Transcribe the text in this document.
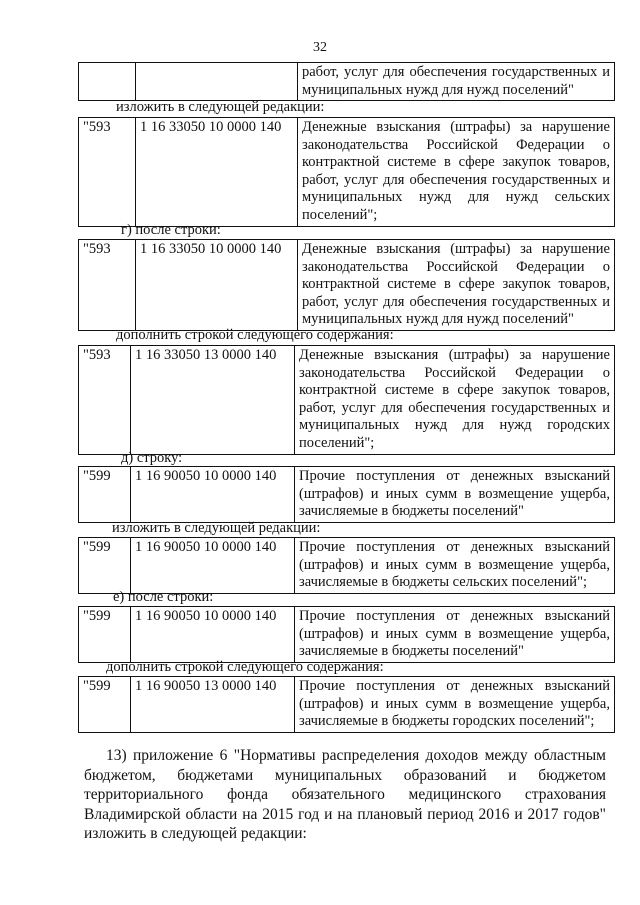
32
		работ, услуг для обеспечения государственных и муниципальных нужд для нужд поселений"
изложить в следующей редакции:
"593	1 16 33050 10 0000 140	Денежные взыскания (штрафы) за нарушение законодательства Российской Федерации о контрактной системе в сфере закупок товаров, работ, услуг для обеспечения государственных и муниципальных нужд для нужд сельских поселений";
г) после строки:
"593	1 16 33050 10 0000 140	Денежные взыскания (штрафы) за нарушение законодательства Российской Федерации о контрактной системе в сфере закупок товаров, работ, услуг для обеспечения государственных и муниципальных нужд для нужд поселений"
дополнить строкой следующего содержания:
"593	1 16 33050 13 0000 140	Денежные взыскания (штрафы) за нарушение законодательства Российской Федерации о контрактной системе в сфере закупок товаров, работ, услуг для обеспечения государственных и муниципальных нужд для нужд городских поселений";
д) строку:
"599	1 16 90050 10 0000 140	Прочие поступления от денежных взысканий (штрафов) и иных сумм в возмещение ущерба, зачисляемые в бюджеты поселений"
изложить в следующей редакции:
"599	1 16 90050 10 0000 140	Прочие поступления от денежных взысканий (штрафов) и иных сумм в возмещение ущерба, зачисляемые в бюджеты сельских поселений";
е) после строки:
"599	1 16 90050 10 0000 140	Прочие поступления от денежных взысканий (штрафов) и иных сумм в возмещение ущерба, зачисляемые в бюджеты поселений"
дополнить строкой следующего содержания:
"599	1 16 90050 13 0000 140	Прочие поступления от денежных взысканий (штрафов) и иных сумм в возмещение ущерба, зачисляемые в бюджеты городских поселений";
13) приложение 6 "Нормативы распределения доходов между областным бюджетом, бюджетами муниципальных образований и бюджетом территориального фонда обязательного медицинского страхования Владимирской области на 2015 год и на плановый период 2016 и 2017 годов" изложить в следующей редакции:
